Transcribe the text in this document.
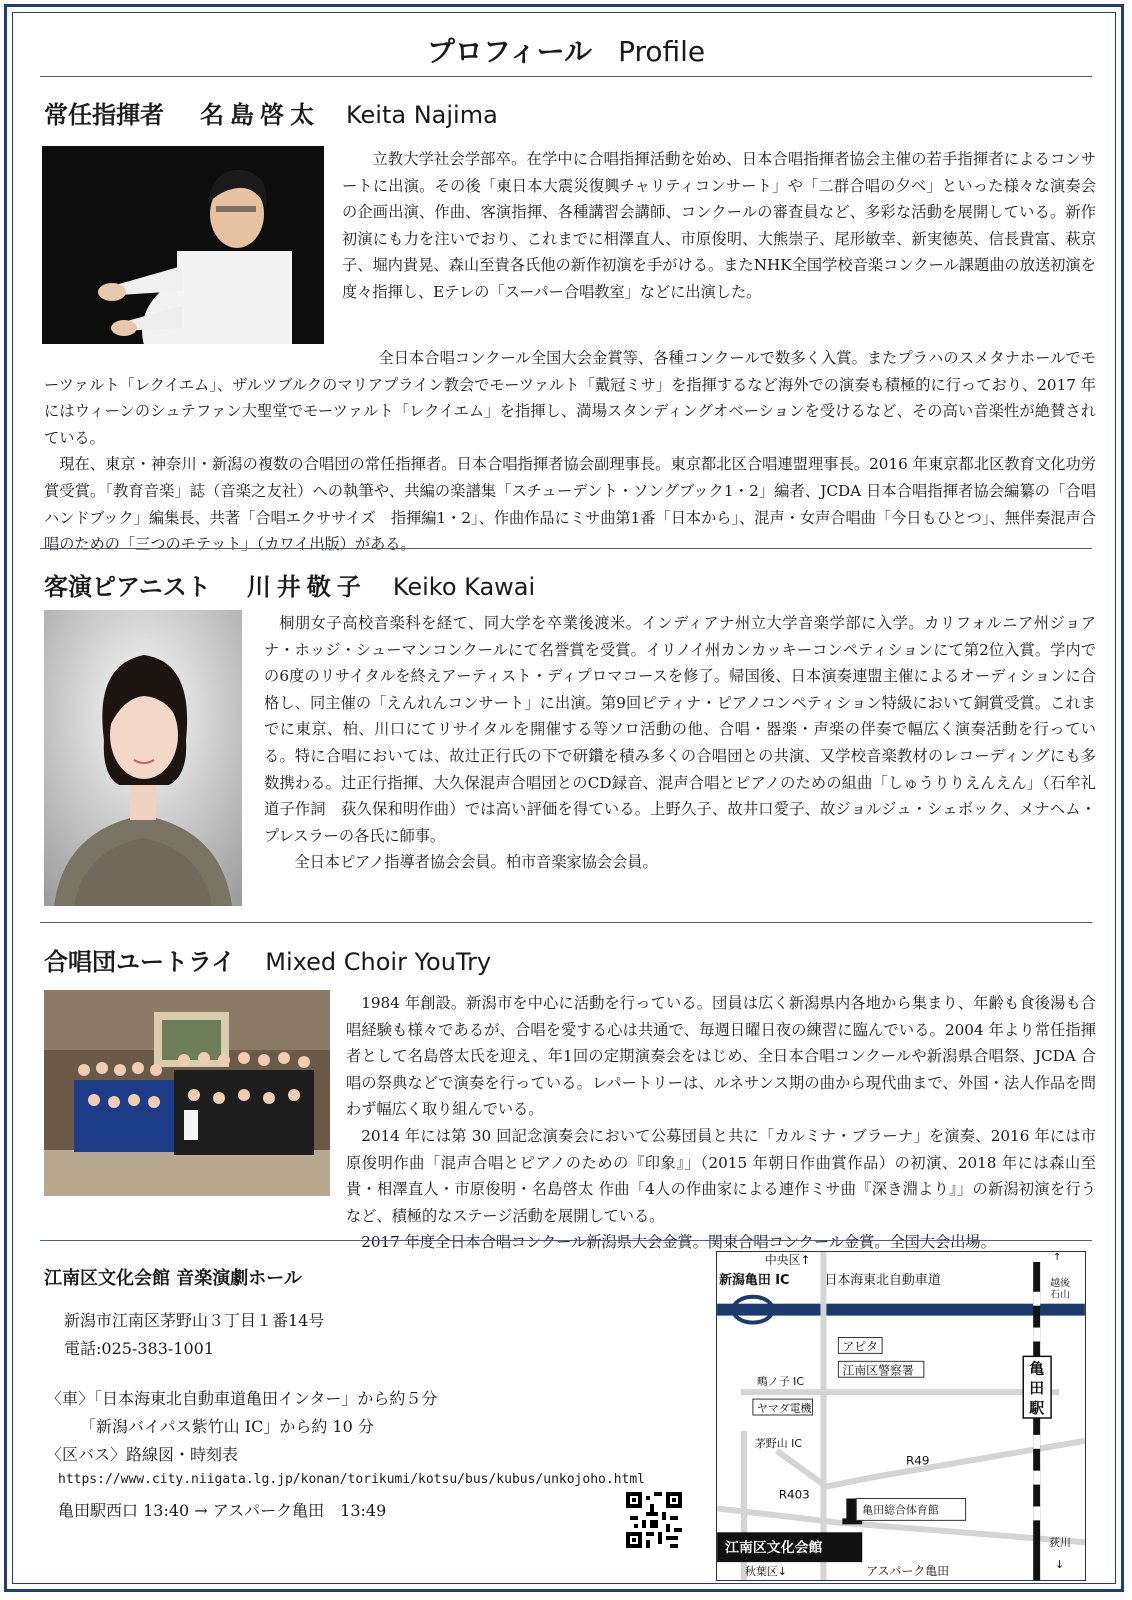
プロフィール Profile
常任指揮者 名島啓太 Keita Najima

立教大学社会学部卒。在学中に合唱指揮活動を始め、日本合唱指揮者協会主催の若手指揮者によるコンサートに出演。その後「東日本大震災復興チャリティコンサート」や「二群合唱の夕べ」といった様々な演奏会の企画出演、作曲、客演指揮、各種講習会講師、コンクールの審査員など、多彩な活動を展開している。新作初演にも力を注いでおり、これまでに相澤直人、市原俊明、大熊崇子、尾形敏幸、新実徳英、信長貴富、萩京子、堀内貴晃、森山至貴各氏他の新作初演を手がける。またNHK全国学校音楽コンクール課題曲の放送初演を度々指揮し、Eテレの「スーパー合唱教室」などに出演した。

全日本合唱コンクール全国大会金賞等、各種コンクールで数多く入賞。またプラハのスメタナホールでモーツァルト「レクイエム」、ザルツブルクのマリアプライン教会でモーツァルト「戴冠ミサ」を指揮するなど海外での演奏も積極的に行っており、2017 年にはウィーンのシュテファン大聖堂でモーツァルト「レクイエム」を指揮し、満場スタンディングオベーションを受けるなど、その高い音楽性が絶賛されている。

現在、東京・神奈川・新潟の複数の合唱団の常任指揮者。日本合唱指揮者協会副理事長。東京都北区合唱連盟理事長。2016 年東京都北区教育文化功労賞受賞。「教育音楽」誌（音楽之友社）への執筆や、共編の楽譜集「スチューデント・ソングブック1・2」編者、JCDA 日本合唱指揮者協会編纂の「合唱ハンドブック」編集長、共著「合唱エクササイズ　指揮編1・2」、作曲作品にミサ曲第1番「日本から」、混声・女声合唱曲「今日もひとつ」、無伴奏混声合唱のための「三つのモテット」（カワイ出版）がある。

客演ピアニスト 川井敬子 Keiko Kawai

桐朋女子高校音楽科を経て、同大学を卒業後渡米。インディアナ州立大学音楽学部に入学。カリフォルニア州ジョアナ・ホッジ・シューマンコンクールにて名誉賞を受賞。イリノイ州カンカッキーコンペティションにて第2位入賞。学内での6度のリサイタルを終えアーティスト・ディプロマコースを修了。帰国後、日本演奏連盟主催によるオーディションに合格し、同主催の「えんれんコンサート」に出演。第9回ピティナ・ピアノコンペティション特級において銅賞受賞。これまでに東京、柏、川口にてリサイタルを開催する等ソロ活動の他、合唱・器楽・声楽の伴奏で幅広く演奏活動を行っている。特に合唱においては、故辻正行氏の下で研鑽を積み多くの合唱団との共演、又学校音楽教材のレコーディングにも多数携わる。辻正行指揮、大久保混声合唱団とのCD録音、混声合唱とピアノのための組曲「しゅうりりえんえん」（石牟礼道子作詞　荻久保和明作曲）では高い評価を得ている。上野久子、故井口愛子、故ジョルジュ・シェボック、メナヘム・プレスラーの各氏に師事。

全日本ピアノ指導者協会会員。柏市音楽家協会会員。

合唱団ユートライ Mixed Choir YouTry

1984 年創設。新潟市を中心に活動を行っている。団員は広く新潟県内各地から集まり、年齢も食後湯も合唱経験も様々であるが、合唱を愛する心は共通で、毎週日曜日夜の練習に臨んでいる。2004 年より常任指揮者として名島啓太氏を迎え、年1回の定期演奏会をはじめ、全日本合唱コンクールや新潟県合唱祭、JCDA 合唱の祭典などで演奏を行っている。レパートリーは、ルネサンス期の曲から現代曲まで、外国・法人作品を問わず幅広く取り組んでいる。

2014 年には第 30 回記念演奏会において公募団員と共に「カルミナ・ブラーナ」を演奏、2016 年には市原俊明作曲「混声合唱とピアノのための『印象』」（2015 年朝日作曲賞作品）の初演、2018 年には森山至貴・相澤直人・市原俊明・名島啓太 作曲「4人の作曲家による連作ミサ曲『深き淵より』」の新潟初演を行うなど、積極的なステージ活動を展開している。

2017 年度全日本合唱コンクール新潟県大会金賞。関東合唱コンクール金賞。全国大会出場。

江南区文化会館 音楽演劇ホール
新潟市江南区茅野山３丁目１番14号
電話:025-383-1001
〈車〉「日本海東北自動車道亀田インター」から約５分
「新潟バイパス紫竹山 IC」から約 10 分
〈区バス〉路線図・時刻表
https://www.city.niigata.lg.jp/konan/torikumi/kotsu/bus/kubus/unkojoho.html
亀田駅西口 13:40 → アスパーク亀田　13:49
中央区↑
新潟亀田 IC	日本海東北自動車道
↑
越後
石山
アピタ
江南区警察署
鴫ノ子 IC
ヤマダ電機
茅野山 IC
R49
R403
亀田総合体育館
江南区文化会館
亀
田
駅
荻川
↓
秋葉区↓	アスパーク亀田
